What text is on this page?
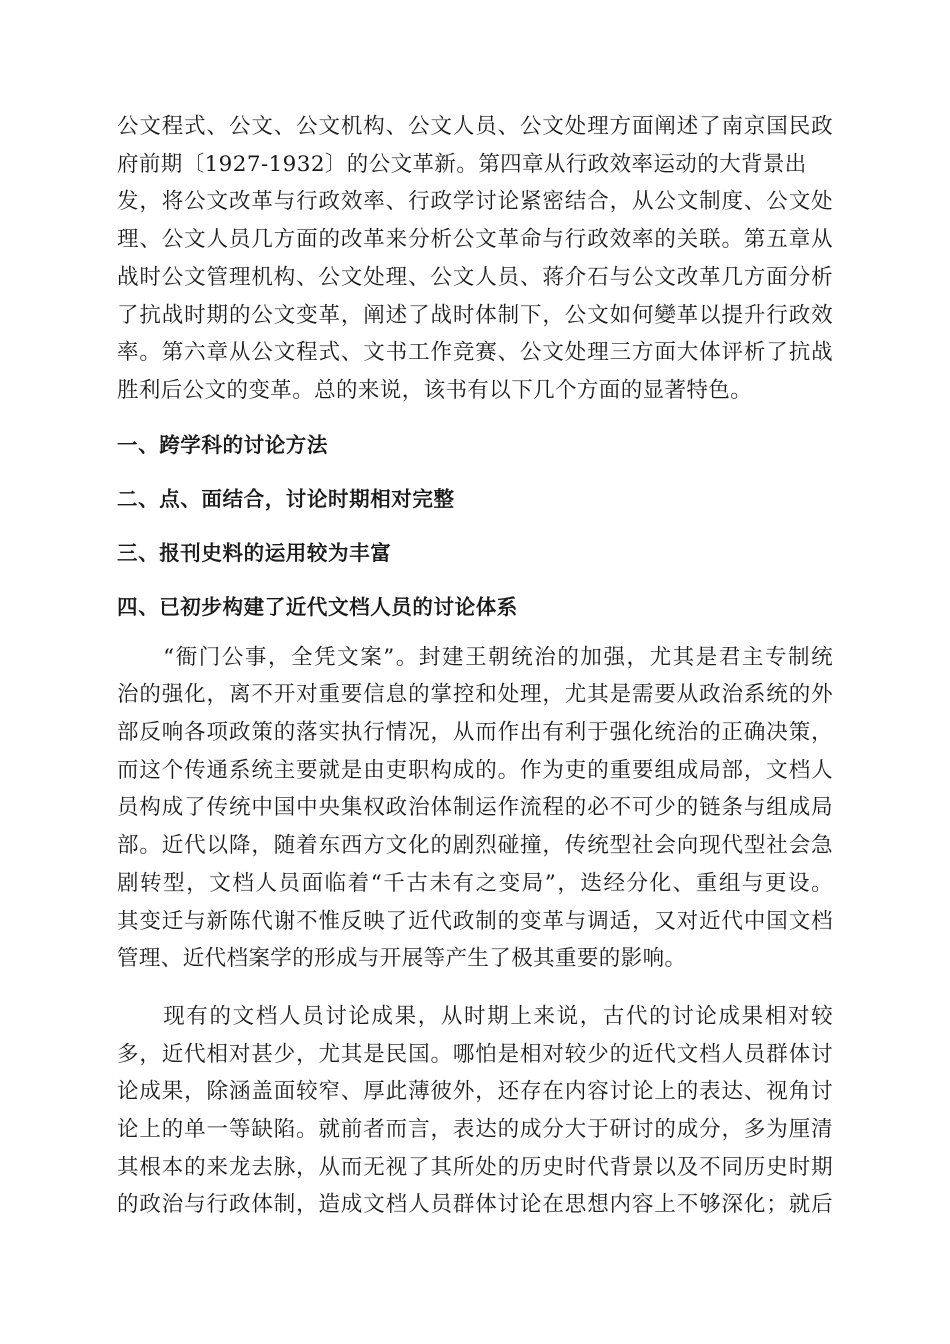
公文程式、公文、公文机构、公文人员、公文处理方面阐述了南京国民政
府前期〔1927-1932〕的公文革新。第四章从行政效率运动的大背景出
发，将公文改革与行政效率、行政学讨论紧密结合，从公文制度、公文处
理、公文人员几方面的改革来分析公文革命与行政效率的关联。第五章从
战时公文管理机构、公文处理、公文人员、蒋介石与公文改革几方面分析
了抗战时期的公文变革，阐述了战时体制下，公文如何變革以提升行政效
率。第六章从公文程式、文书工作竞赛、公文处理三方面大体评析了抗战
胜利后公文的变革。总的来说，该书有以下几个方面的显著特色。

一、跨学科的讨论方法

二、点、面结合，讨论时期相对完整

三、报刊史料的运用较为丰富

四、已初步构建了近代文档人员的讨论体系

　　“衙门公事，全凭文案”。封建王朝统治的加强，尤其是君主专制统
治的强化，离不开对重要信息的掌控和处理，尤其是需要从政治系统的外
部反响各项政策的落实执行情况，从而作出有利于强化统治的正确决策，
而这个传通系统主要就是由吏职构成的。作为吏的重要组成局部，文档人
员构成了传统中国中央集权政治体制运作流程的必不可少的链条与组成局
部。近代以降，随着东西方文化的剧烈碰撞，传统型社会向现代型社会急
剧转型，文档人员面临着“千古未有之变局”，迭经分化、重组与更设。
其变迁与新陈代谢不惟反映了近代政制的变革与调适，又对近代中国文档
管理、近代档案学的形成与开展等产生了极其重要的影响。

　　现有的文档人员讨论成果，从时期上来说，古代的讨论成果相对较
多，近代相对甚少，尤其是民国。哪怕是相对较少的近代文档人员群体讨
论成果，除涵盖面较窄、厚此薄彼外，还存在内容讨论上的表达、视角讨
论上的单一等缺陷。就前者而言，表达的成分大于研讨的成分，多为厘清
其根本的来龙去脉，从而无视了其所处的历史时代背景以及不同历史时期
的政治与行政体制，造成文档人员群体讨论在思想内容上不够深化；就后
